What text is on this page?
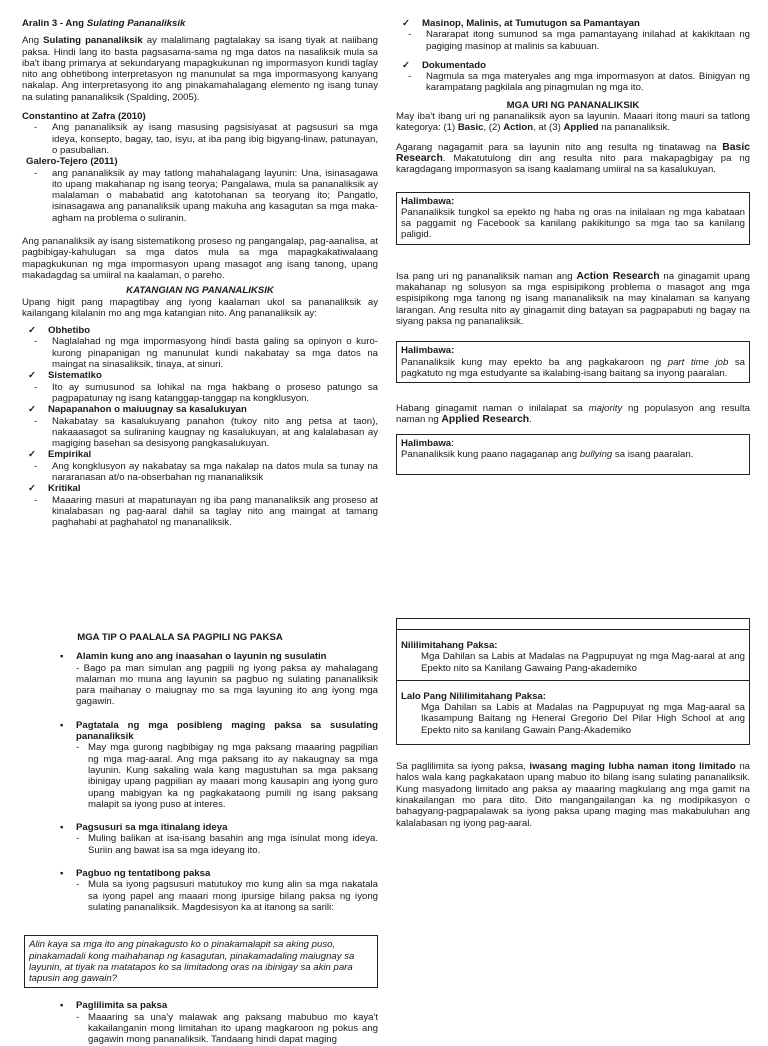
Aralin 3 - Ang Sulating Pananaliksik

Ang Sulating pananaliksik ay malalimang pagtalakay sa isang tiyak at naiibang paksa. Hindi lang ito basta pagsasama-sama ng mga datos na nasaliksik mula sa iba't ibang primarya at sekundaryang mapagkukunan ng impormasyon kundi taglay nito ang obhetibong interpretasyon ng manunulat sa mga impormasyong kanyang nakalap. Ang interpretasyong ito ang pinakamahalagang elemento ng isang tunay na sulating pananaliksik (Spalding, 2005).

Constantino at Zafra (2010)

-	Ang pananaliksik ay isang masusing pagsisiyasat at pagsusuri sa mga ideya, konsepto, bagay, tao, isyu, at iba pang ibig bigyang-linaw, patunayan, o pasubalian.

Galero-Tejero (2011)

-	ang pananaliksik ay may tatlong mahahalagang layunin: Una, isinasagawa ito upang makahanap ng isang teorya; Pangalawa, mula sa pananaliksik ay malalaman o mababatid ang katotohanan sa teoryang ito; Pangatlo, isinasagawa ang pananaliksik upang makuha ang kasagutan sa mga maka-agham na problema o suliranin.

Ang pananaliksik ay isang sistematikong proseso ng pangangalap, pag-aanalisa, at pagbibigay-kahulugan sa mga datos mula sa mga mapagkakatiwalaang mapagkukunan ng mga impormasyon upang masagot ang isang tanong, upang makadagdag sa umiiral na kaalaman, o pareho.

KATANGIAN NG PANANALIKSIK

Upang higit pang mapagtibay ang iyong kaalaman ukol sa pananaliksik ay kailangang kilalanin mo ang mga katangian nito. Ang pananaliksik ay:

✓	Obhetibo
-	Naglalahad ng mga impormasyong hindi basta galing sa opinyon o kuro-kurong pinapanigan ng manunulat kundi nakabatay sa mga datos na maingat na sinasaliksik, tinaya, at sinuri.
✓	Sistematiko
-	Ito ay sumusunod sa lohikal na mga hakbang o proseso patungo sa pagpapatunay ng isang katanggap-tanggap na kongklusyon.
✓	Napapanahon o maiuugnay sa kasalukuyan
-	Nakabatay sa kasalukuyang panahon (tukoy nito ang petsa at taon), nakaaasagot sa suliraning kaugnay ng kasalukuyan, at ang kalalabasan ay magiging basehan sa desisyong pangkasalukuyan.
✓	Empirikal
-	Ang kongklusyon ay nakabatay sa mga nakalap na datos mula sa tunay na nararanasan at/o na-obserbahan ng mananaliksik
✓	Kritikal
-	Maaaring masuri at mapatunayan ng iba pang mananaliksik ang proseso at kinalabasan ng pag-aaral dahil sa taglay nito ang maingat at tamang paghahabi at paghahatol ng mananaliksik.
✓	Masinop, Malinis, at Tumutugon sa Pamantayan
-	Nararapat itong sumunod sa mga pamantayang inilahad at kakikitaan ng pagiging masinop at malinis sa kabuuan.
✓	Dokumentado
-	Nagmula sa mga materyales ang mga impormasyon at datos. Binigyan ng karampatang pagkilala ang pinagmulan ng mga ito.

MGA URI NG PANANALIKSIK

May iba't ibang uri ng pananaliksik ayon sa layunin. Maaari itong mauri sa tatlong kategorya: (1) Basic, (2) Action, at (3) Applied na pananaliksik.

Agarang nagagamit para sa layunin nito ang resulta ng tinatawag na Basic Research. Makatutulong din ang resulta nito para makapagbigay pa ng karagdagang impormasyon sa isang kaalamang umiiral na sa kasalukuyan.

Halimbawa:

Pananaliksik tungkol sa epekto ng haba ng oras na inilalaan ng mga kabataan sa paggamit ng Facebook sa kanilang pakikitungo sa mga tao sa kanilang paligid.

Isa pang uri ng pananaliksik naman ang Action Research na ginagamit upang makahanap ng solusyon sa mga espisipikong problema o masagot ang mga espisipikong mga tanong ng isang mananaliksik na may kinalaman sa kanyang larangan. Ang resulta nito ay ginagamit ding batayan sa pagpapabuti ng bagay na siyang paksa ng pananaliksik.

Halimbawa:

Pananaliksik kung may epekto ba ang pagkakaroon ng part time job sa pagkatuto ng mga estudyante sa ikalabing-isang baitang sa inyong paaralan.

Habang ginagamit naman o inilalapat sa majority ng populasyon ang resulta naman ng Applied Research.

Halimbawa:

Pananaliksik kung paano nagaganap ang bullying sa isang paaralan.

MGA TIP O PAALALA SA PAGPILI NG PAKSA

▪	Alamin kung ano ang inaasahan o layunin ng susulatin

- Bago pa man simulan ang pagpili ng iyong paksa ay mahalagang malaman mo muna ang layunin sa pagbuo ng sulating pananaliksik para maihanay o maiugnay mo sa mga layuning ito ang iyong mga gagawin.

▪	Pagtatala ng mga posibleng maging paksa sa susulating pananaliksik
- May mga gurong nagbibigay ng mga paksang maaaring pagpilian ng mga mag-aaral. Ang mga paksang ito ay nakaugnay sa mga layunin. Kung sakaling wala kang magustuhan sa mga paksang ibinigay upang pagpilian ay maaari mong kausapin ang iyong guro upang mabigyan ka ng pagkakataong pumili ng isang paksang malapit sa iyong puso at interes.
▪	Pagsusuri sa mga itinalang ideya
- Muling balikan at isa-isang basahin ang mga isinulat mong ideya. Suriin ang bawat isa sa mga ideyang ito.
▪	Pagbuo ng tentatibong paksa
- Mula sa iyong pagsusuri matutukoy mo kung alin sa mga nakatala sa iyong papel ang maaari mong ipursige bilang paksa ng iyong sulating pananaliksik. Magdesisyon ka at itanong sa sarili:

Alin kaya sa mga ito ang pinakagusto ko o pinakamalapit sa aking puso, pinakamadali kong maihahanap ng kasagutan, pinakamadaling maiugnay sa layunin, at tiyak na matatapos ko sa limitadong oras na ibinigay sa akin para tapusin ang gawain?

▪	Paglilimita sa paksa
- Maaaring sa una'y malawak ang paksang mabubuo mo kaya't kakailanganin mong limitahan ito upang magkaroon ng pokus ang gagawin mong pananaliksik. Tandaang hindi dapat maging

Nililimitahang Paksa:

Mga Dahilan sa Labis at Madalas na Pagpupuyat ng mga Mag-aaral at ang Epekto nito sa Kanilang Gawaing Pang-akademiko

Lalo Pang Nililimitahang Paksa:

Mga Dahilan sa Labis at Madalas na Pagpupuyat ng mga Mag-aaral sa Ikasampung Baitang ng Heneral Gregorio Del Pilar High School at ang Epekto nito sa kanilang Gawain Pang-Akademiko

Sa paglilimita sa iyong paksa, iwasang maging lubha naman itong limitado na halos wala kang pagkakataon upang mabuo ito bilang isang sulating pananaliksik. Kung masyadong limitado ang paksa ay maaaring magkulang ang mga gamit na kinakailangan mo para dito. Dito mangangailangan ka ng modipikasyon o bahagyang-pagpapalawak sa iyong paksa upang maging mas makabuluhan ang kalalabasan ng iyong pag-aaral.
